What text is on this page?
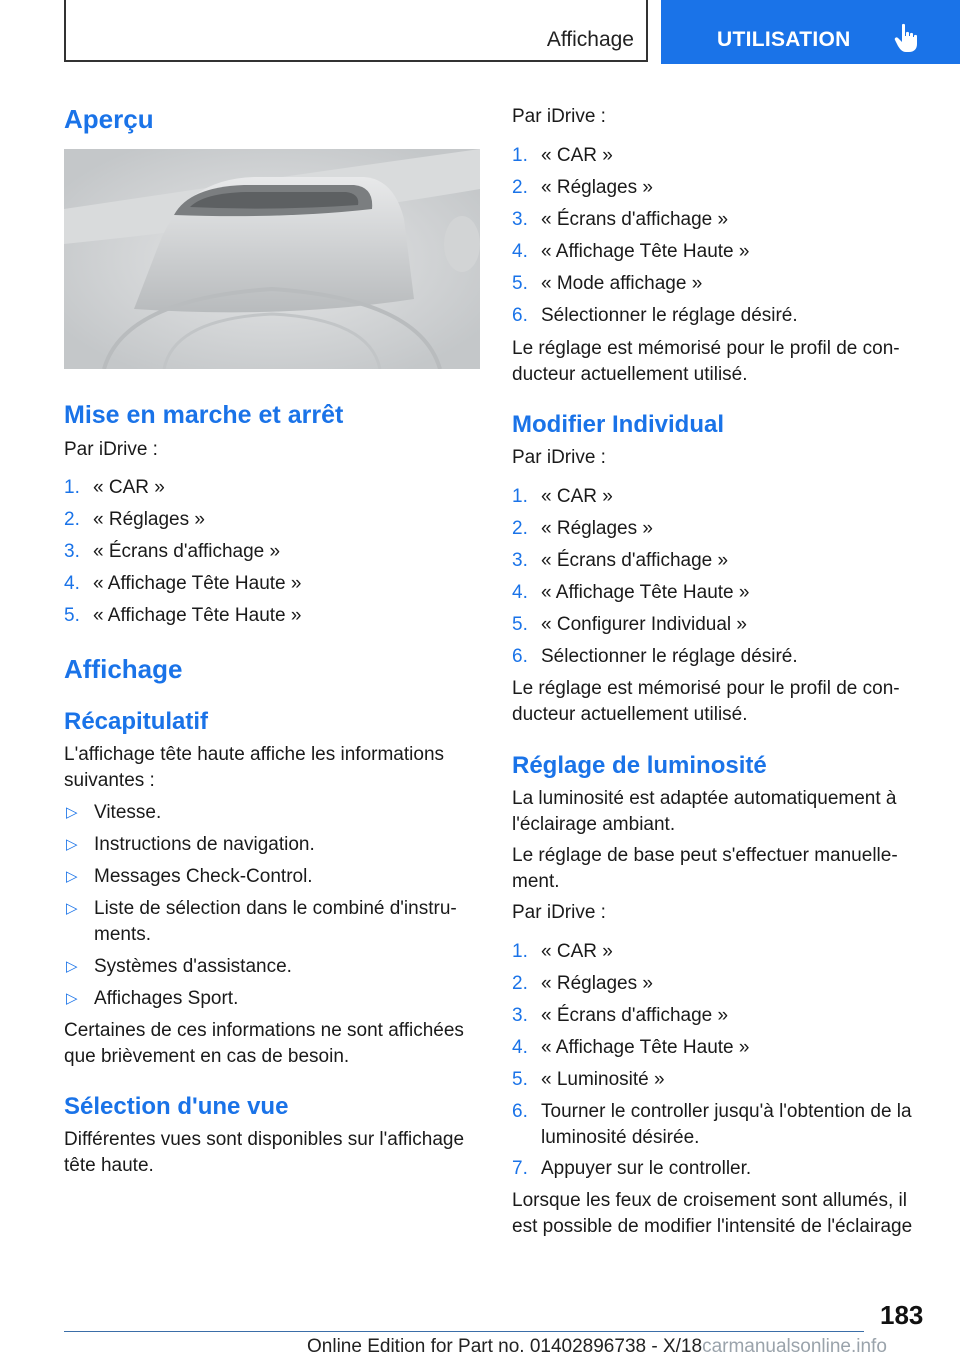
Affichage	UTILISATION
Aperçu
Mise en marche et arrêt

Par iDrive :

1. « CAR »
2. « Réglages »
3. « Écrans d'affichage »
4. « Affichage Tête Haute »
5. « Affichage Tête Haute »
Affichage
Récapitulatif

L'affichage tête haute affiche les informations

suivantes :

▷ Vitesse.
▷ Instructions de navigation.
▷ Messages Check-Control.
▷ Liste de sélection dans le combiné d'instru-
ments.
▷ Systèmes d'assistance.
▷ Affichages Sport.

Certaines de ces informations ne sont affichées

que brièvement en cas de besoin.

Sélection d'une vue

Différentes vues sont disponibles sur l'affichage

tête haute.

Par iDrive :

1. « CAR »
2. « Réglages »
3. « Écrans d'affichage »
4. « Affichage Tête Haute »
5. « Mode affichage »
6. Sélectionner le réglage désiré.

Le réglage est mémorisé pour le profil de con-

ducteur actuellement utilisé.

Modifier Individual

Par iDrive :

1. « CAR »
2. « Réglages »
3. « Écrans d'affichage »
4. « Affichage Tête Haute »
5. « Configurer Individual »
6. Sélectionner le réglage désiré.

Le réglage est mémorisé pour le profil de con-

ducteur actuellement utilisé.

Réglage de luminosité

La luminosité est adaptée automatiquement à

l'éclairage ambiant.

Le réglage de base peut s'effectuer manuelle-

ment.

Par iDrive :

1. « CAR »
2. « Réglages »
3. « Écrans d'affichage »
4. « Affichage Tête Haute »
5. « Luminosité »
6. Tourner le controller jusqu'à l'obtention de la
luminosité désirée.
7. Appuyer sur le controller.

Lorsque les feux de croisement sont allumés, il

est possible de modifier l'intensité de l'éclairage

183
Online Edition for Part no. 01402896738 - X/18carmanualsonline.info
